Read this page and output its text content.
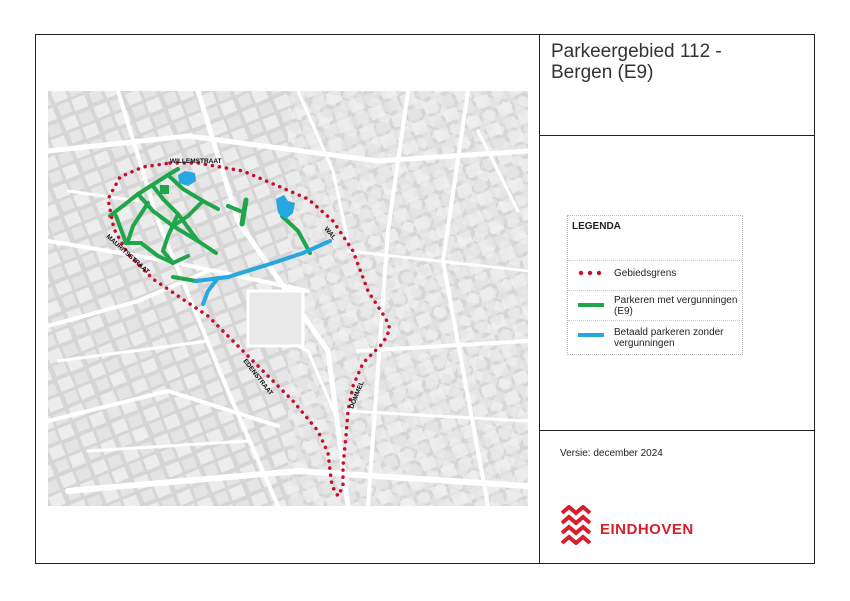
WILLEMSTRAAT
MAURITSSTRAAT	WAL
EDENSTRAAT	DOMMEL

Parkeergebied 112 -
Bergen (E9)

LEGENDA
Gebiedsgrens
Parkeren met vergunningen (E9)
Betaald parkeren zonder vergunningen
Versie: december 2024
EINDHOVEN
